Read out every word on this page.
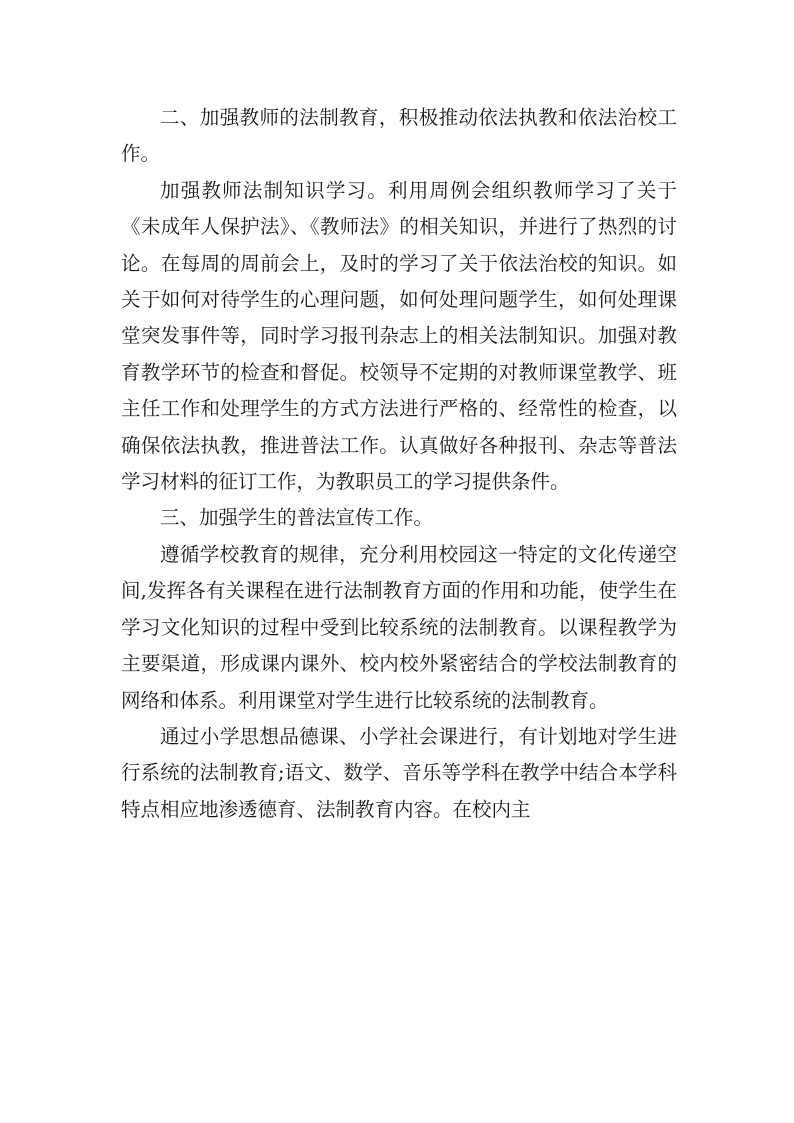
二、加强教师的法制教育，积极推动依法执教和依法治校工作。

加强教师法制知识学习。利用周例会组织教师学习了关于《未成年人保护法》、《教师法》的相关知识，并进行了热烈的讨论。在每周的周前会上，及时的学习了关于依法治校的知识。如关于如何对待学生的心理问题，如何处理问题学生，如何处理课堂突发事件等，同时学习报刊杂志上的相关法制知识。加强对教育教学环节的检查和督促。校领导不定期的对教师课堂教学、班主任工作和处理学生的方式方法进行严格的、经常性的检查，以确保依法执教，推进普法工作。认真做好各种报刊、杂志等普法学习材料的征订工作，为教职员工的学习提供条件。

三、加强学生的普法宣传工作。

遵循学校教育的规律，充分利用校园这一特定的文化传递空间,发挥各有关课程在进行法制教育方面的作用和功能，使学生在学习文化知识的过程中受到比较系统的法制教育。以课程教学为主要渠道，形成课内课外、校内校外紧密结合的学校法制教育的网络和体系。利用课堂对学生进行比较系统的法制教育。

通过小学思想品德课、小学社会课进行，有计划地对学生进行系统的法制教育;语文、数学、音乐等学科在教学中结合本学科特点相应地渗透德育、法制教育内容。在校内主
